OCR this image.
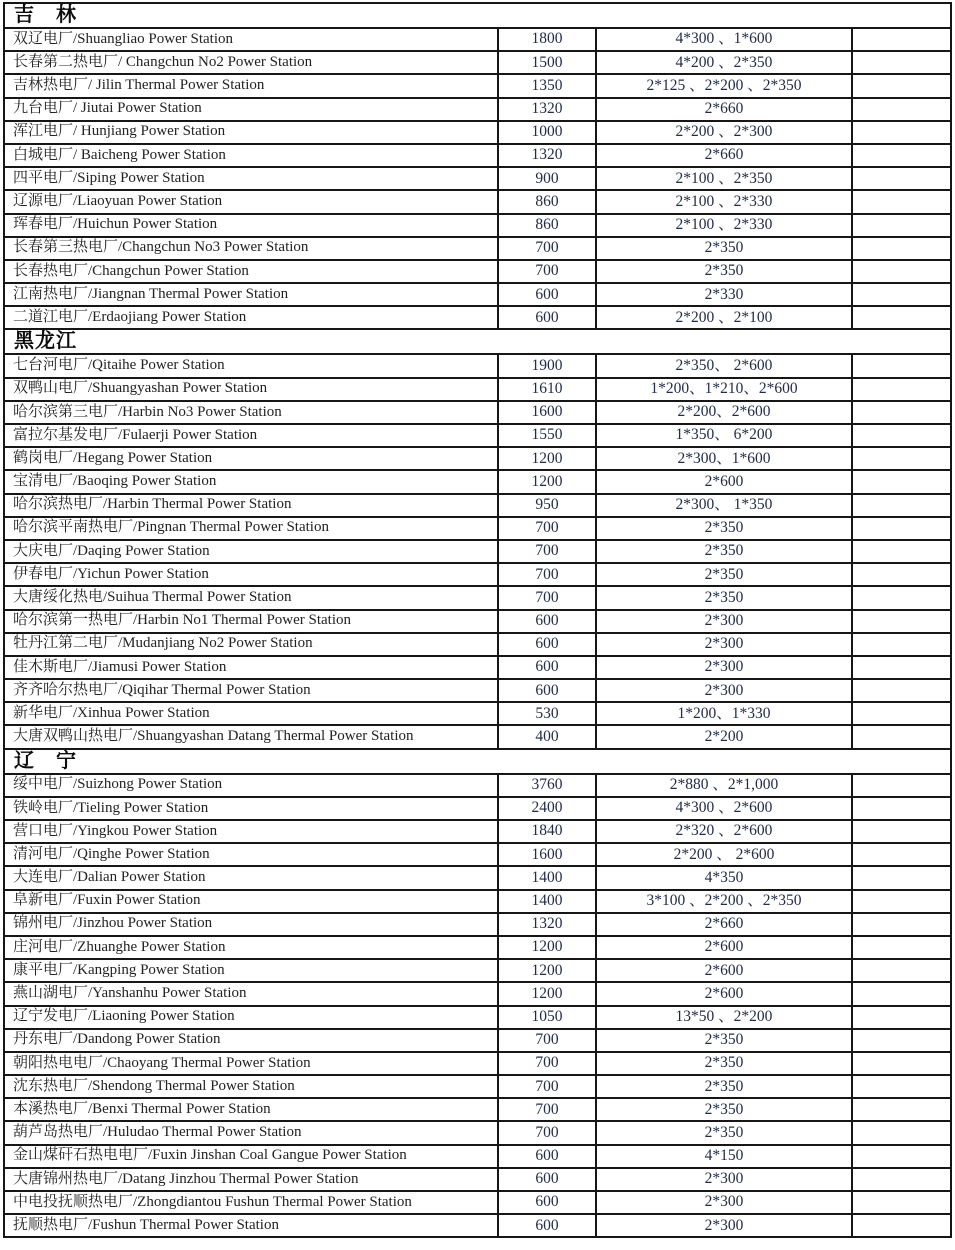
吉　林			
双辽电厂/Shuangliao Power Station	1800	4*300 、1*600	
长春第二热电厂/ Changchun No2 Power Station	1500	4*200 、2*350	
吉林热电厂/ Jilin Thermal Power Station	1350	2*125 、2*200 、2*350	
九台电厂/ Jiutai Power Station	1320	2*660	
浑江电厂/ Hunjiang Power Station	1000	2*200 、2*300	
白城电厂/ Baicheng Power Station	1320	2*660	
四平电厂/Siping Power Station	900	2*100 、2*350	
辽源电厂/Liaoyuan Power Station	860	2*100 、2*330	
珲春电厂/Huichun Power Station	860	2*100 、2*330	
长春第三热电厂/Changchun No3 Power Station	700	2*350	
长春热电厂/Changchun Power Station	700	2*350	
江南热电厂/Jiangnan Thermal Power Station	600	2*330	
二道江电厂/Erdaojiang Power Station	600	2*200 、2*100	
黑龙江			
七台河电厂/Qitaihe Power Station	1900	2*350、 2*600	
双鸭山电厂/Shuangyashan Power Station	1610	1*200、1*210、2*600	
哈尔滨第三电厂/Harbin No3 Power Station	1600	2*200、2*600	
富拉尔基发电厂/Fulaerji Power Station	1550	1*350、 6*200	
鹤岗电厂/Hegang Power Station	1200	2*300、1*600	
宝清电厂/Baoqing Power Station	1200	2*600	
哈尔滨热电厂/Harbin Thermal Power Station	950	2*300、 1*350	
哈尔滨平南热电厂/Pingnan Thermal Power Station	700	2*350	
大庆电厂/Daqing Power Station	700	2*350	
伊春电厂/Yichun Power Station	700	2*350	
大唐绥化热电/Suihua Thermal Power Station	700	2*350	
哈尔滨第一热电厂/Harbin No1 Thermal Power Station	600	2*300	
牡丹江第二电厂/Mudanjiang No2 Power Station	600	2*300	
佳木斯电厂/Jiamusi Power Station	600	2*300	
齐齐哈尔热电厂/Qiqihar Thermal Power Station	600	2*300	
新华电厂/Xinhua Power Station	530	1*200、1*330	
大唐双鸭山热电厂/Shuangyashan Datang Thermal Power Station	400	2*200	
辽　宁			
绥中电厂/Suizhong Power Station	3760	2*880 、2*1,000	
铁岭电厂/Tieling Power Station	2400	4*300 、2*600	
营口电厂/Yingkou Power Station	1840	2*320 、2*600	
清河电厂/Qinghe Power Station	1600	2*200 、 2*600	
大连电厂/Dalian Power Station	1400	4*350	
阜新电厂/Fuxin Power Station	1400	3*100 、2*200 、2*350	
锦州电厂/Jinzhou Power Station	1320	2*660	
庄河电厂/Zhuanghe Power Station	1200	2*600	
康平电厂/Kangping Power Station	1200	2*600	
燕山湖电厂/Yanshanhu Power Station	1200	2*600	
辽宁发电厂/Liaoning Power Station	1050	13*50 、2*200	
丹东电厂/Dandong Power Station	700	2*350	
朝阳热电电厂/Chaoyang Thermal Power Station	700	2*350	
沈东热电厂/Shendong Thermal Power Station	700	2*350	
本溪热电厂/Benxi Thermal Power Station	700	2*350	
葫芦岛热电厂/Huludao Thermal Power Station	700	2*350	
金山煤矸石热电电厂/Fuxin Jinshan Coal Gangue Power Station	600	4*150	
大唐锦州热电厂/Datang Jinzhou Thermal Power Station	600	2*300	
中电投抚顺热电厂/Zhongdiantou Fushun Thermal Power Station	600	2*300	
抚顺热电厂/Fushun Thermal Power Station	600	2*300	
